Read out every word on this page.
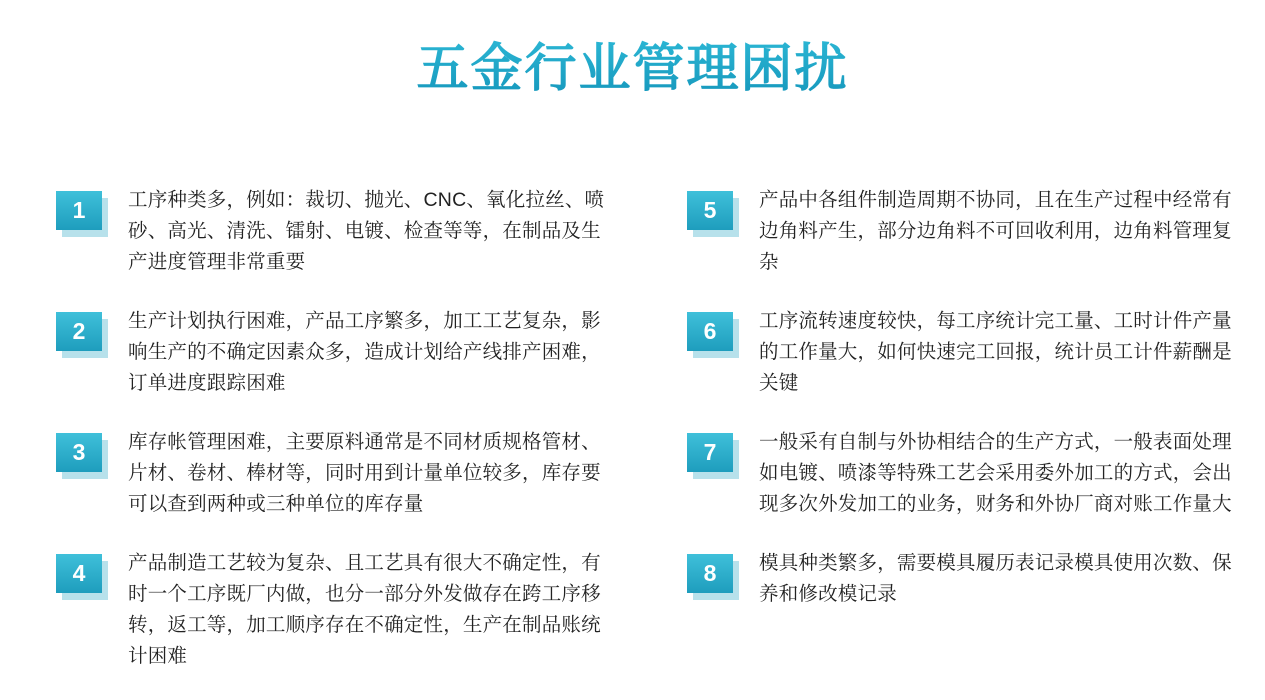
五金行业管理困扰
1	工序种类多，例如：裁切、抛光、CNC、氧化拉丝、喷砂、高光、清洗、镭射、电镀、检查等等，在制品及生产进度管理非常重要
2	生产计划执行困难，产品工序繁多，加工工艺复杂，影响生产的不确定因素众多，造成计划给产线排产困难，订单进度跟踪困难
3	库存帐管理困难，主要原料通常是不同材质规格管材、片材、卷材、棒材等，同时用到计量单位较多，库存要可以查到两种或三种单位的库存量
4	产品制造工艺较为复杂、且工艺具有很大不确定性，有时一个工序既厂内做，也分一部分外发做存在跨工序移转，返工等，加工顺序存在不确定性，生产在制品账统计困难
5	产品中各组件制造周期不协同，且在生产过程中经常有边角料产生，部分边角料不可回收利用，边角料管理复杂
6	工序流转速度较快，每工序统计完工量、工时计件产量的工作量大，如何快速完工回报，统计员工计件薪酬是关键
7	一般采有自制与外协相结合的生产方式，一般表面处理如电镀、喷漆等特殊工艺会采用委外加工的方式，会出现多次外发加工的业务，财务和外协厂商对账工作量大
8	模具种类繁多，需要模具履历表记录模具使用次数、保养和修改模记录
